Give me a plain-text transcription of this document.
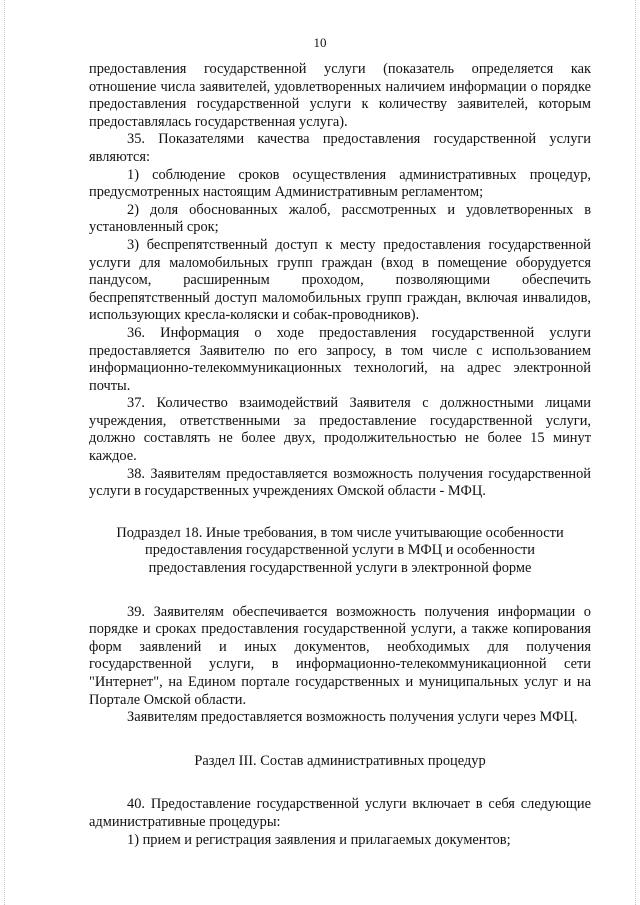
10

предоставления государственной услуги (показатель определяется как отношение числа заявителей, удовлетворенных наличием информации о порядке предоставления государственной услуги к количеству заявителей, которым предоставлялась государственная услуга).

35. Показателями качества предоставления государственной услуги являются:

1) соблюдение сроков осуществления административных процедур, предусмотренных настоящим Административным регламентом;

2) доля обоснованных жалоб, рассмотренных и удовлетворенных в установленный срок;

3) беспрепятственный доступ к месту предоставления государственной услуги для маломобильных групп граждан (вход в помещение оборудуется пандусом, расширенным проходом, позволяющими обеспечить беспрепятственный доступ маломобильных групп граждан, включая инвалидов, использующих кресла-коляски и собак-проводников).

36. Информация о ходе предоставления государственной услуги предоставляется Заявителю по его запросу, в том числе с использованием информационно-телекоммуникационных технологий, на адрес электронной почты.

37. Количество взаимодействий Заявителя с должностными лицами учреждения, ответственными за предоставление государственной услуги, должно составлять не более двух, продолжительностью не более 15 минут каждое.

38. Заявителям предоставляется возможность получения государственной услуги в государственных учреждениях Омской области - МФЦ.

Подраздел 18. Иные требования, в том числе учитывающие особенности предоставления государственной услуги в МФЦ и особенности предоставления государственной услуги в электронной форме

39. Заявителям обеспечивается возможность получения информации о порядке и сроках предоставления государственной услуги, а также копирования форм заявлений и иных документов, необходимых для получения государственной услуги, в информационно-телекоммуникационной сети "Интернет", на Едином портале государственных и муниципальных услуг и на Портале Омской области.

Заявителям предоставляется возможность получения услуги через МФЦ.

Раздел III. Состав административных процедур

40. Предоставление государственной услуги включает в себя следующие административные процедуры:

1) прием и регистрация заявления и прилагаемых документов;
